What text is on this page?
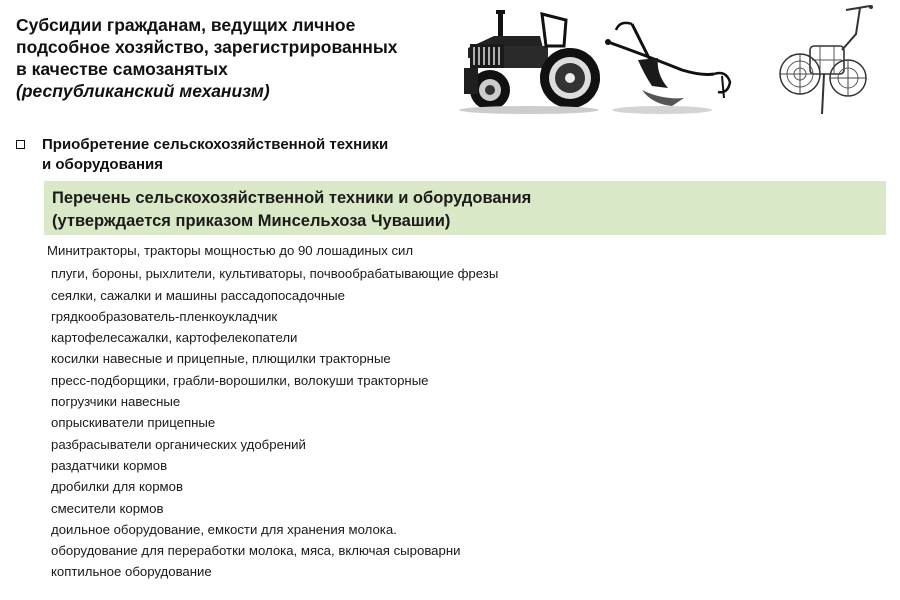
Субсидии гражданам, ведущих личное
подсобное хозяйство, зарегистрированных
в качестве самозанятых
(республиканский механизм)
Приобретение сельскохозяйственной техники
и оборудования
Перечень сельскохозяйственной техники и оборудования
(утверждается приказом Минсельхоза Чувашии)
Минитракторы, тракторы мощностью до 90 лошадиных сил
плуги, бороны, рыхлители, культиваторы, почвообрабатывающие фрезы
сеялки, сажалки и машины рассадопосадочные
грядкообразователь-пленкоукладчик
картофелесажалки, картофелекопатели
косилки навесные и прицепные, плющилки тракторные
пресс-подборщики, грабли-ворошилки, волокуши тракторные
погрузчики навесные
опрыскиватели прицепные
разбрасыватели органических удобрений
раздатчики кормов
дробилки для кормов
смесители кормов
доильное оборудование, емкости для хранения молока.
оборудование для переработки молока, мяса, включая сыроварни
коптильное оборудование
